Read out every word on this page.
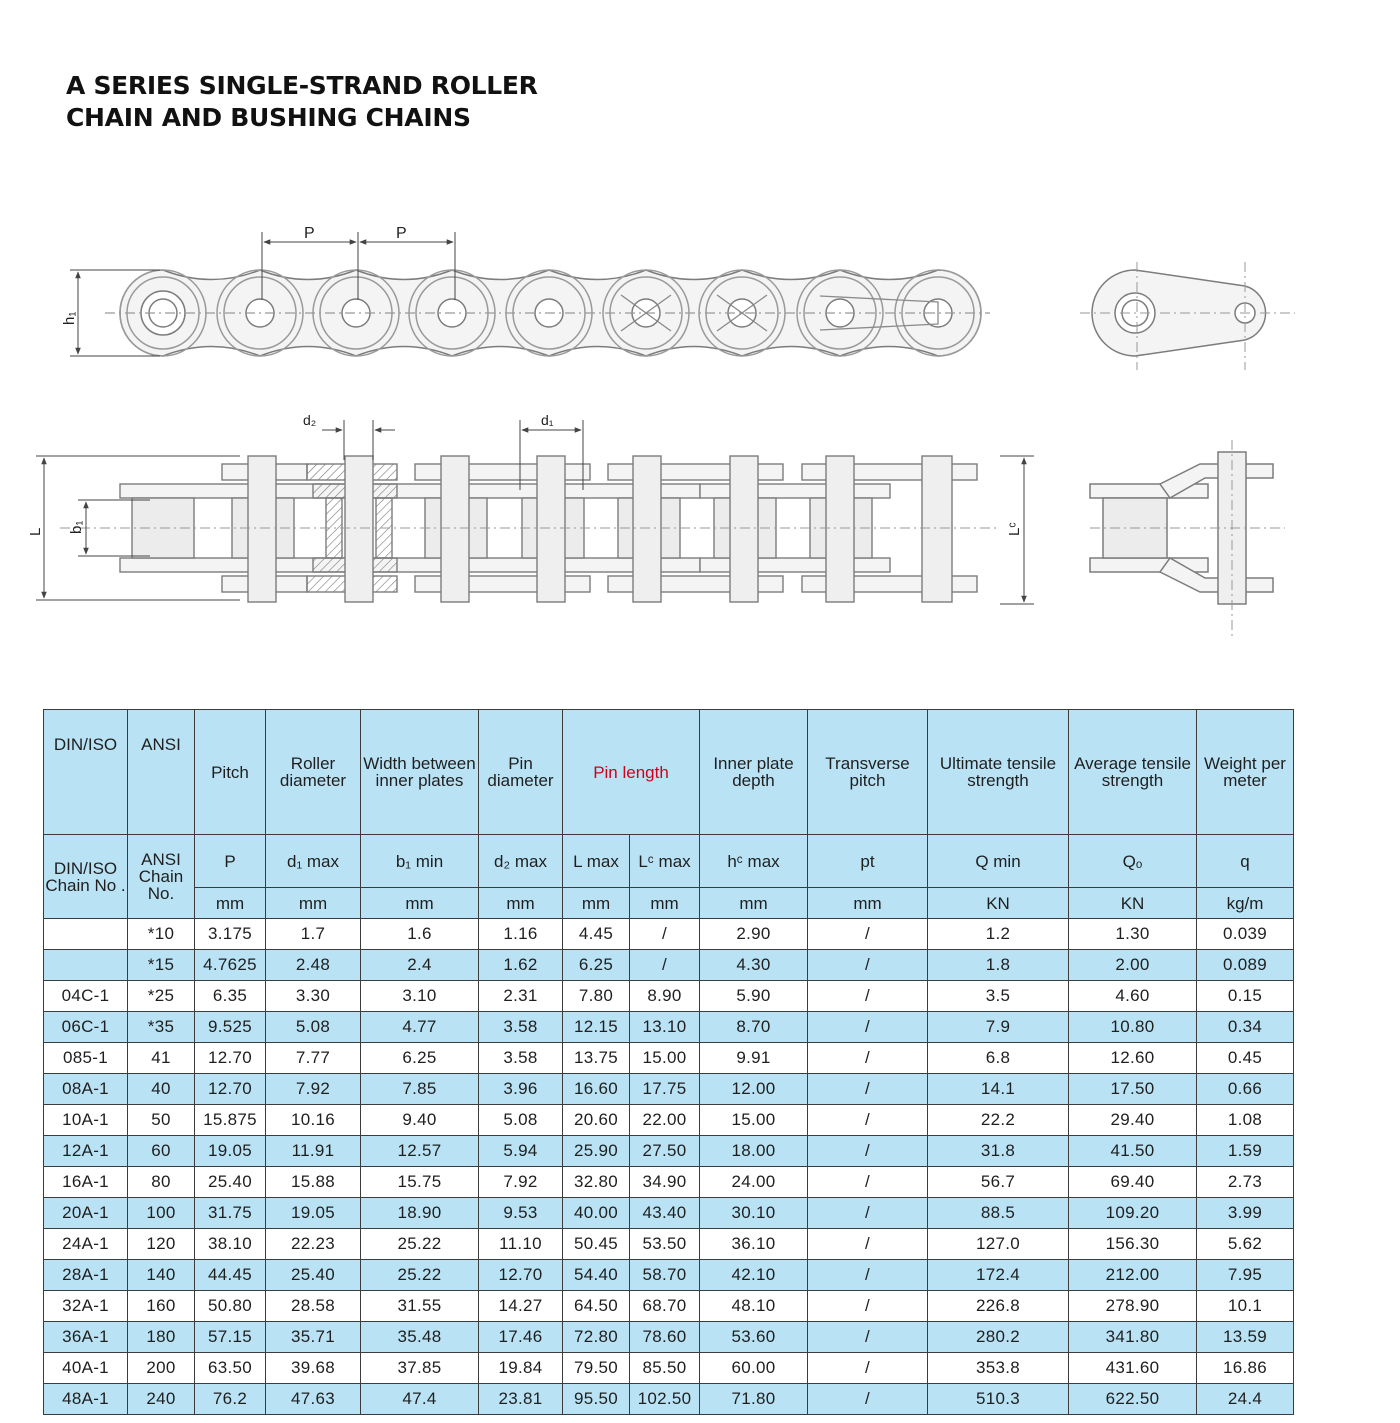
A SERIES SINGLE-STRAND ROLLER
CHAIN AND BUSHING CHAINS
P	P
h₁
L b₁	Lᶜ
d₂	d₁
DIN/ISO	ANSI	Pitch	Roller diameter	Width between inner plates	Pin diameter	Pin length		Inner plate depth	Transverse pitch	Ultimate tensile strength	Average tensile strength	Weight per meter
DIN/ISO Chain No .	ANSI Chain No.	P	d₁ max	b₁ min	d₂ max	L max	Lᶜ max	hᶜ max	pt	Q min	Qₒ	q
		mm	mm	mm	mm	mm	mm	mm	mm	KN	KN	kg/m
	*10	3.175	1.7	1.6	1.16	4.45	/	2.90	/	1.2	1.30	0.039
	*15	4.7625	2.48	2.4	1.62	6.25	/	4.30	/	1.8	2.00	0.089
04C-1	*25	6.35	3.30	3.10	2.31	7.80	8.90	5.90	/	3.5	4.60	0.15
06C-1	*35	9.525	5.08	4.77	3.58	12.15	13.10	8.70	/	7.9	10.80	0.34
085-1	41	12.70	7.77	6.25	3.58	13.75	15.00	9.91	/	6.8	12.60	0.45
08A-1	40	12.70	7.92	7.85	3.96	16.60	17.75	12.00	/	14.1	17.50	0.66
10A-1	50	15.875	10.16	9.40	5.08	20.60	22.00	15.00	/	22.2	29.40	1.08
12A-1	60	19.05	11.91	12.57	5.94	25.90	27.50	18.00	/	31.8	41.50	1.59
16A-1	80	25.40	15.88	15.75	7.92	32.80	34.90	24.00	/	56.7	69.40	2.73
20A-1	100	31.75	19.05	18.90	9.53	40.00	43.40	30.10	/	88.5	109.20	3.99
24A-1	120	38.10	22.23	25.22	11.10	50.45	53.50	36.10	/	127.0	156.30	5.62
28A-1	140	44.45	25.40	25.22	12.70	54.40	58.70	42.10	/	172.4	212.00	7.95
32A-1	160	50.80	28.58	31.55	14.27	64.50	68.70	48.10	/	226.8	278.90	10.1
36A-1	180	57.15	35.71	35.48	17.46	72.80	78.60	53.60	/	280.2	341.80	13.59
40A-1	200	63.50	39.68	37.85	19.84	79.50	85.50	60.00	/	353.8	431.60	16.86
48A-1	240	76.2	47.63	47.4	23.81	95.50	102.50	71.80	/	510.3	622.50	24.4
